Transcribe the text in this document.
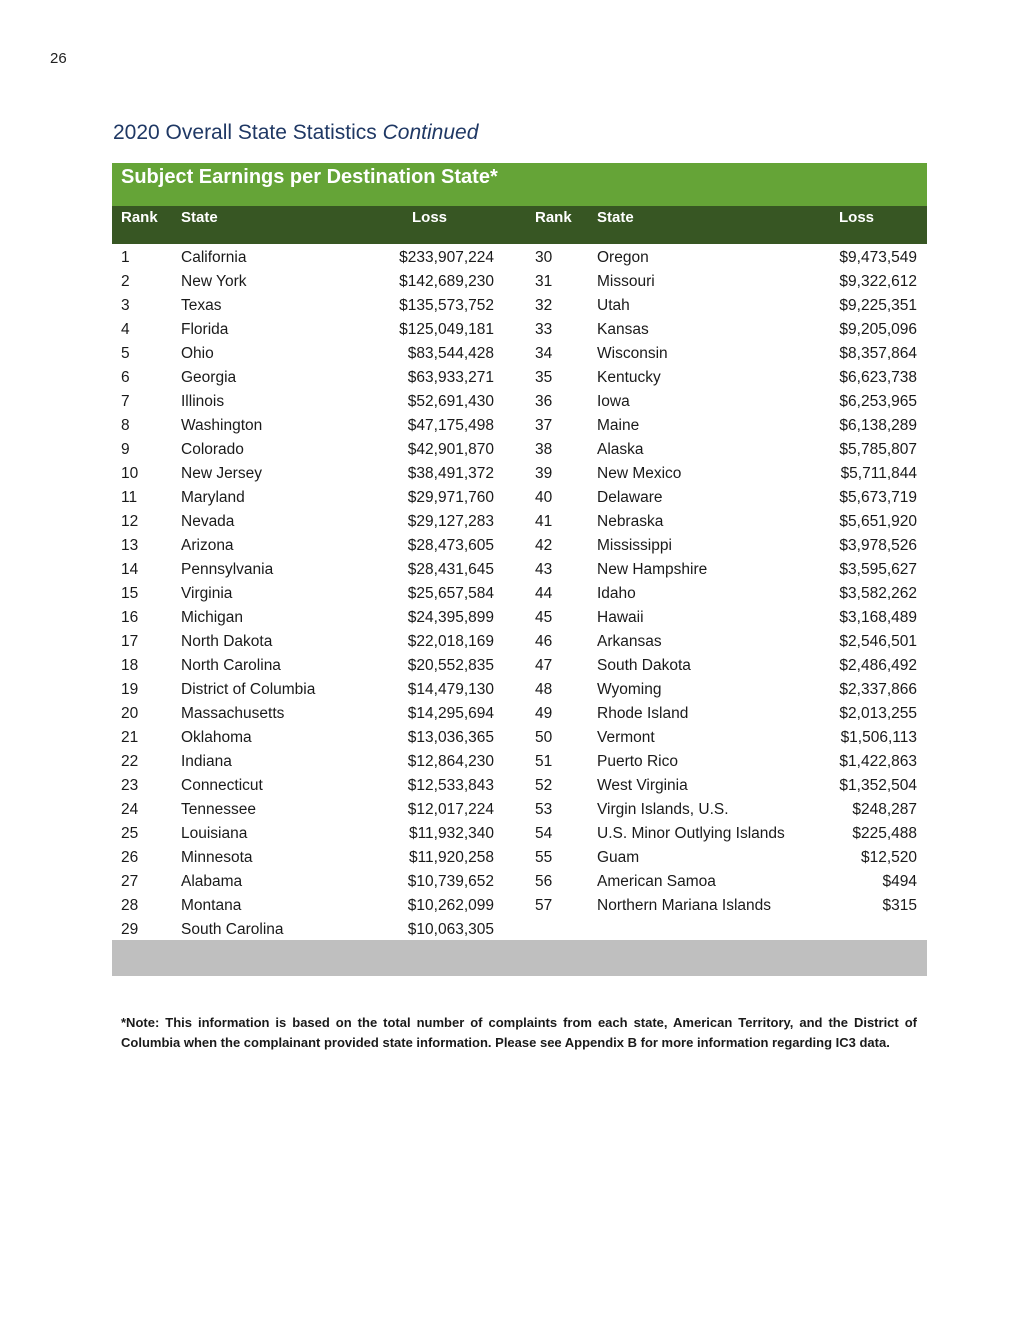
26
2020 Overall State Statistics Continued
Subject Earnings per Destination State*
Rank State	Loss	Rank State	Loss
1	California	$233,907,224	30	Oregon	$9,473,549
2	New York	$142,689,230	31	Missouri	$9,322,612
3	Texas	$135,573,752	32	Utah	$9,225,351
4	Florida	$125,049,181	33	Kansas	$9,205,096
5	Ohio	$83,544,428	34	Wisconsin	$8,357,864
6	Georgia	$63,933,271	35	Kentucky	$6,623,738
7	Illinois	$52,691,430	36	Iowa	$6,253,965
8	Washington	$47,175,498	37	Maine	$6,138,289
9	Colorado	$42,901,870	38	Alaska	$5,785,807
10	New Jersey	$38,491,372	39	New Mexico	$5,711,844
11	Maryland	$29,971,760	40	Delaware	$5,673,719
12	Nevada	$29,127,283	41	Nebraska	$5,651,920
13	Arizona	$28,473,605	42	Mississippi	$3,978,526
14	Pennsylvania	$28,431,645	43	New Hampshire	$3,595,627
15	Virginia	$25,657,584	44	Idaho	$3,582,262
16	Michigan	$24,395,899	45	Hawaii	$3,168,489
17	North Dakota	$22,018,169	46	Arkansas	$2,546,501
18	North Carolina	$20,552,835	47	South Dakota	$2,486,492
19	District of Columbia	$14,479,130	48	Wyoming	$2,337,866
20	Massachusetts	$14,295,694	49	Rhode Island	$2,013,255
21	Oklahoma	$13,036,365	50	Vermont	$1,506,113
22	Indiana	$12,864,230	51	Puerto Rico	$1,422,863
23	Connecticut	$12,533,843	52	West Virginia	$1,352,504
24	Tennessee	$12,017,224	53	Virgin Islands, U.S.	$248,287
25	Louisiana	$11,932,340	54	U.S. Minor Outlying Islands	$225,488
26	Minnesota	$11,920,258	55	Guam	$12,520
27	Alabama	$10,739,652	56	American Samoa	$494
28	Montana	$10,262,099	57	Northern Mariana Islands	$315
29	South Carolina	$10,063,305
*Note: This information is based on the total number of complaints from each state, American Territory, and the District of Columbia when the complainant provided state information. Please see Appendix B for more information regarding IC3 data.
